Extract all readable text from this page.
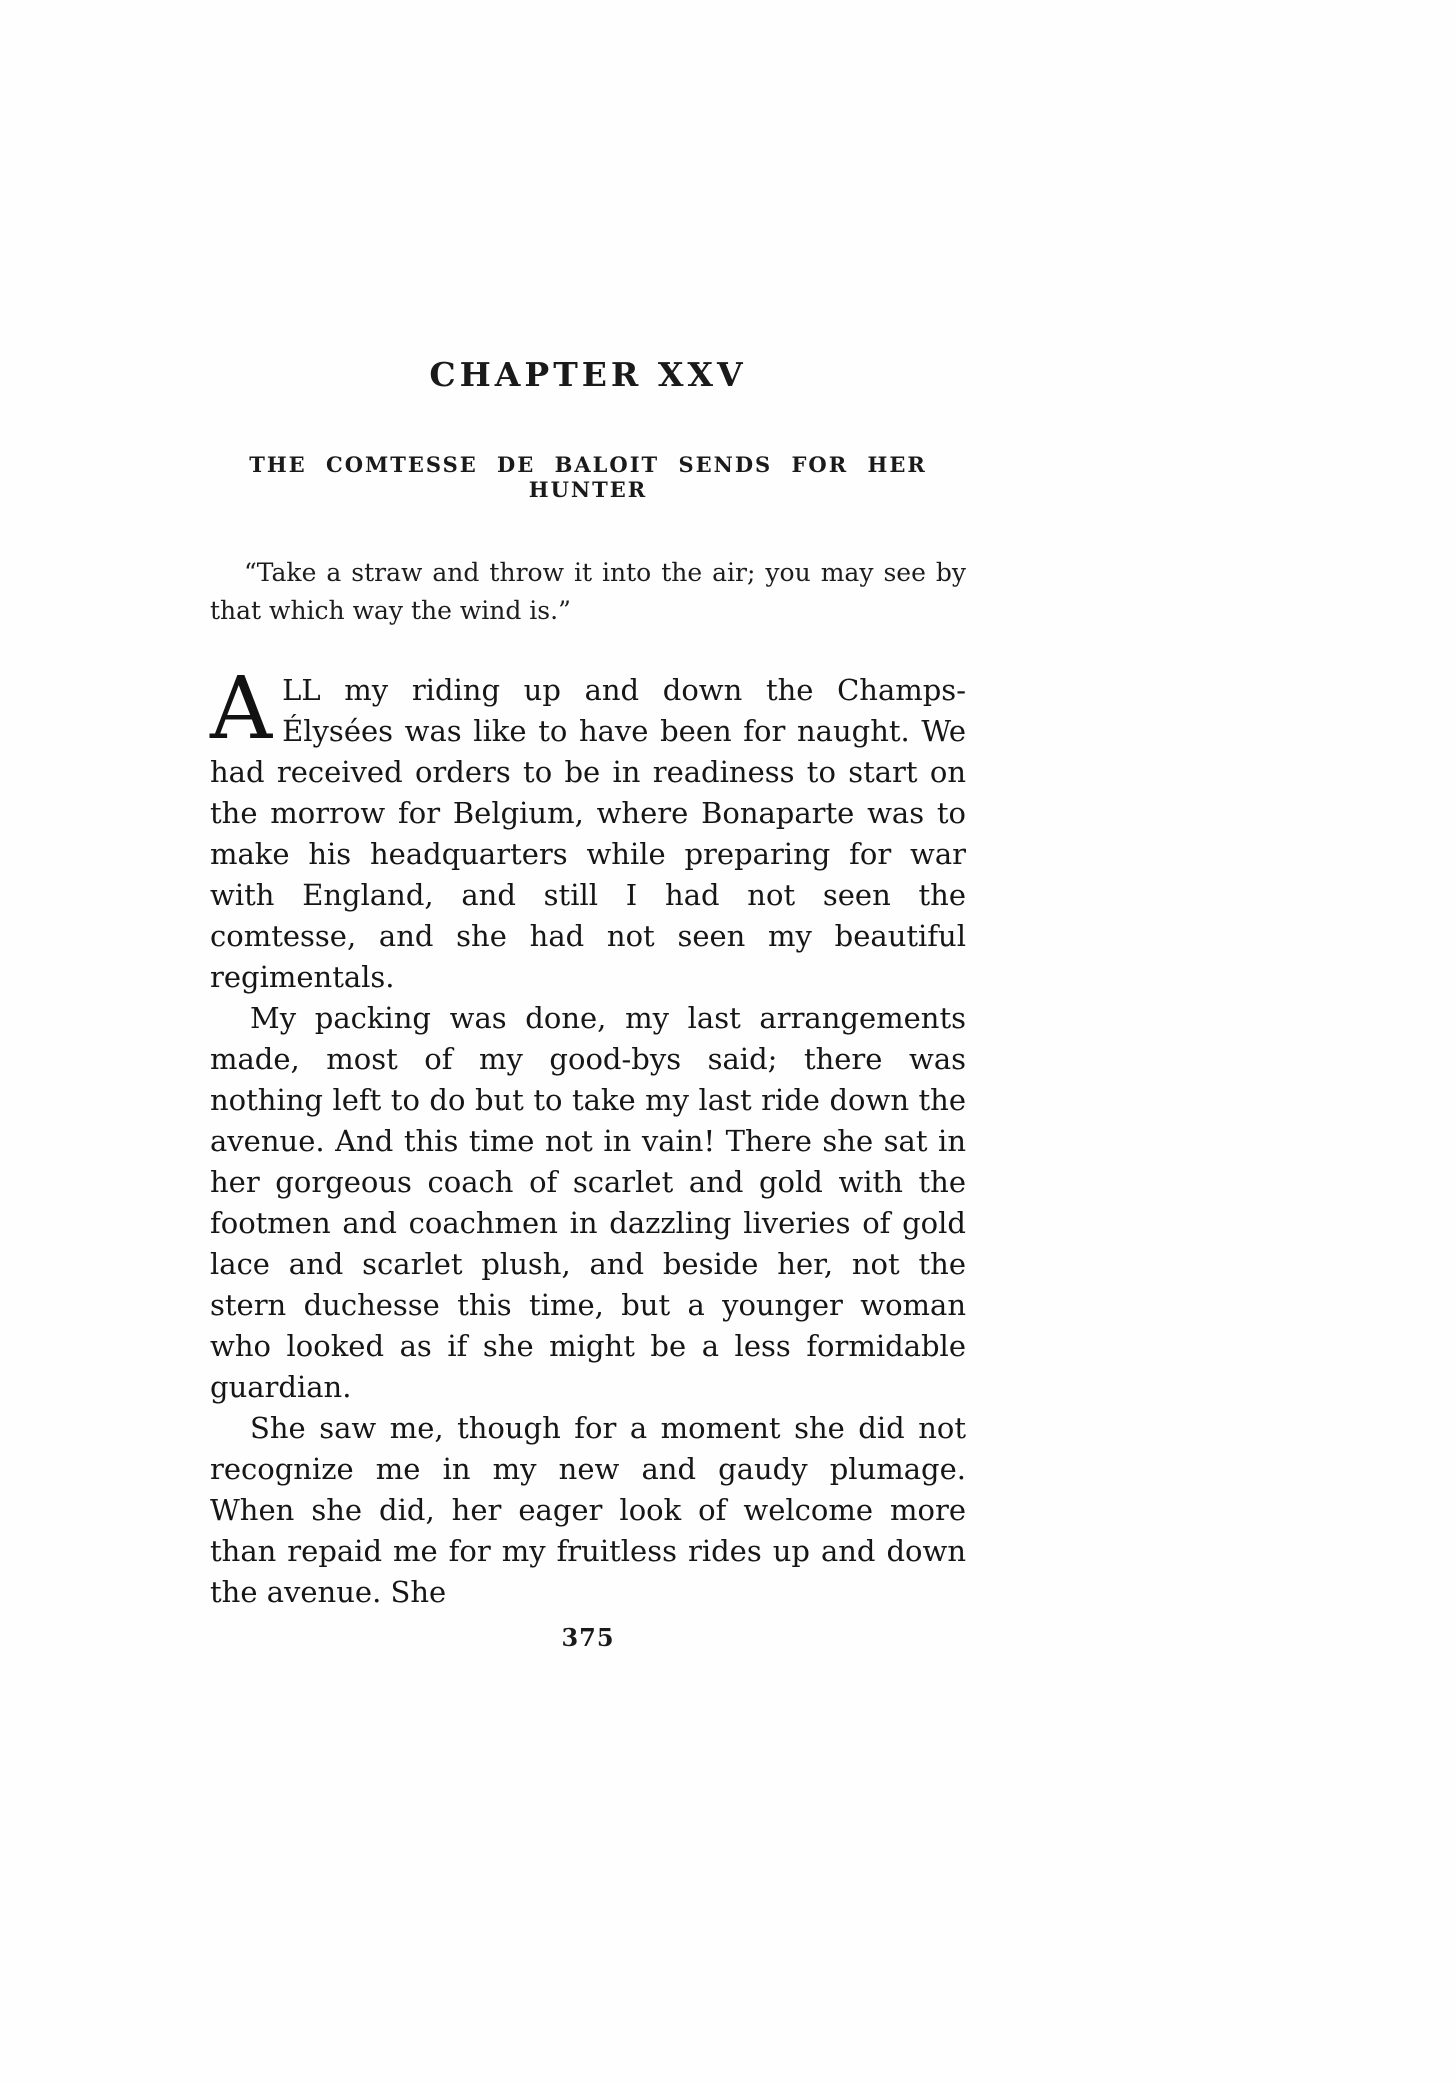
CHAPTER XXV
THE COMTESSE DE BALOIT SENDS FOR HER HUNTER

“Take a straw and throw it into the air; you may see by that which way the wind is.”

ALL my riding up and down the Champs-Élysées was like to have been for naught. We had received orders to be in readiness to start on the morrow for Belgium, where Bonaparte was to make his headquarters while preparing for war with England, and still I had not seen the comtesse, and she had not seen my beautiful regimentals.

My packing was done, my last arrangements made, most of my good-bys said; there was nothing left to do but to take my last ride down the avenue. And this time not in vain! There she sat in her gorgeous coach of scarlet and gold with the footmen and coachmen in dazzling liveries of gold lace and scarlet plush, and beside her, not the stern duchesse this time, but a younger woman who looked as if she might be a less formidable guardian.

She saw me, though for a moment she did not recognize me in my new and gaudy plumage. When she did, her eager look of welcome more than repaid me for my fruitless rides up and down the avenue. She

375
